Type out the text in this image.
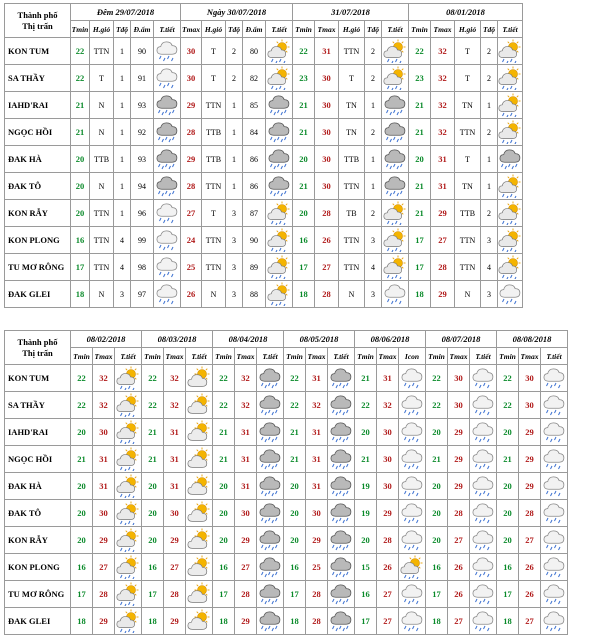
Thành phố
Thị trấn	Đêm 29/07/2018					Ngày 30/07/2018					31/07/2018					08/01/2018				
	Tmin	H.gió	Tđộ	Đ.ẩm	T.tiết	Tmax	H.gió	Tđộ	Đ.ẩm	T.tiết	Tmin	Tmax	H.gió	Tđộ	T.tiết	Tmin	Tmax	H.gió	Tđộ	T.tiết
KON TUM	22	TTN	1	90		30	T	2	80		22	31	TTN	2		22	32	T	2	

SA THẦY	22	T	1	91		30	T	2	82		23	30	T	2		23	32	T	2	

IAHD'RAI	21	N	1	93		29	TTN	1	85		21	30	TN	1		21	32	TN	1	

NGỌC HỒI	21	N	1	92		28	TTB	1	84		21	30	TN	2		21	32	TTN	2	

ĐAK HÀ	20	TTB	1	93		29	TTB	1	86		20	30	TTB	1		20	31	T	1	

ĐAK TÔ	20	N	1	94		28	TTN	1	86		21	30	TTN	1		21	31	TN	1	

KON RẪY	20	TTN	1	96		27	T	3	87		20	28	TB	2		21	29	TTB	2	

KON PLONG	16	TTN	4	99		24	TTN	3	90		16	26	TTN	3		17	27	TTN	3	

TU MƠ RÔNG	17	TTN	4	98		25	TTN	3	89		17	27	TTN	4		17	28	TTN	4	

ĐAK GLEI	18	N	3	97		26	N	3	88		18	28	N	3		18	29	N	3	
Thành phố
Thị trấn	08/02/2018			08/03/2018			08/04/2018			08/05/2018			08/06/2018			08/07/2018			08/08/2018		
	Tmin	Tmax	T.tiết	Tmin	Tmax	T.tiết	Tmin	Tmax	T.tiết	Tmin	Tmax	T.tiết	Tmin	Tmax	Icon	Tmin	Tmax	T.tiết	Tmin	Tmax	T.tiết
KON TUM	22	32		22	32		22	32		22	31		21	31		22	30		22	30	

SA THẦY	22	32		22	32		22	32		22	32		22	32		22	30		22	30	

IAHD'RAI	20	30		21	31		21	31		21	31		20	30		20	29		20	29	

NGỌC HỒI	21	31		21	31		21	31		21	31		21	30		21	29		21	29	

ĐAK HÀ	20	31		20	31		20	31		20	31		19	30		20	29		20	29	

ĐAK TÔ	20	30		20	30		20	30		20	30		19	29		20	28		20	28	

KON RẪY	20	29		20	29		20	29		20	29		20	28		20	27		20	27	

KON PLONG	16	27		16	27		16	27		16	25		15	26		16	26		16	26	

TU MƠ RÔNG	17	28		17	28		17	28		17	28		16	27		17	26		17	26	

ĐAK GLEI	18	29		18	29		18	29		18	28		17	27		18	27		18	27	
